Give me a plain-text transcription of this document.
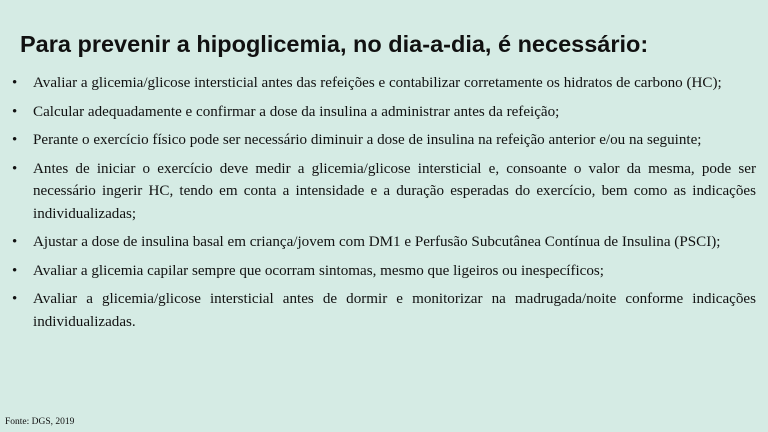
Para prevenir a hipoglicemia, no dia-a-dia, é necessário:
• Avaliar a glicemia/glicose intersticial antes das refeições e contabilizar corretamente os hidratos de carbono (HC);
• Calcular adequadamente e confirmar a dose da insulina a administrar antes da refeição;
• Perante o exercício físico pode ser necessário diminuir a dose de insulina na refeição anterior e/ou na seguinte;
• Antes de iniciar o exercício deve medir a glicemia/glicose intersticial e, consoante o valor da mesma, pode ser necessário ingerir HC, tendo em conta a intensidade e a duração esperadas do exercício, bem como as indicações individualizadas;
• Ajustar a dose de insulina basal em criança/jovem com DM1 e Perfusão Subcutânea Contínua de Insulina (PSCI);
• Avaliar a glicemia capilar sempre que ocorram sintomas, mesmo que ligeiros ou inespecíficos;
• Avaliar a glicemia/glicose intersticial antes de dormir e monitorizar na madrugada/noite conforme indicações individualizadas.

Fonte: DGS, 2019
